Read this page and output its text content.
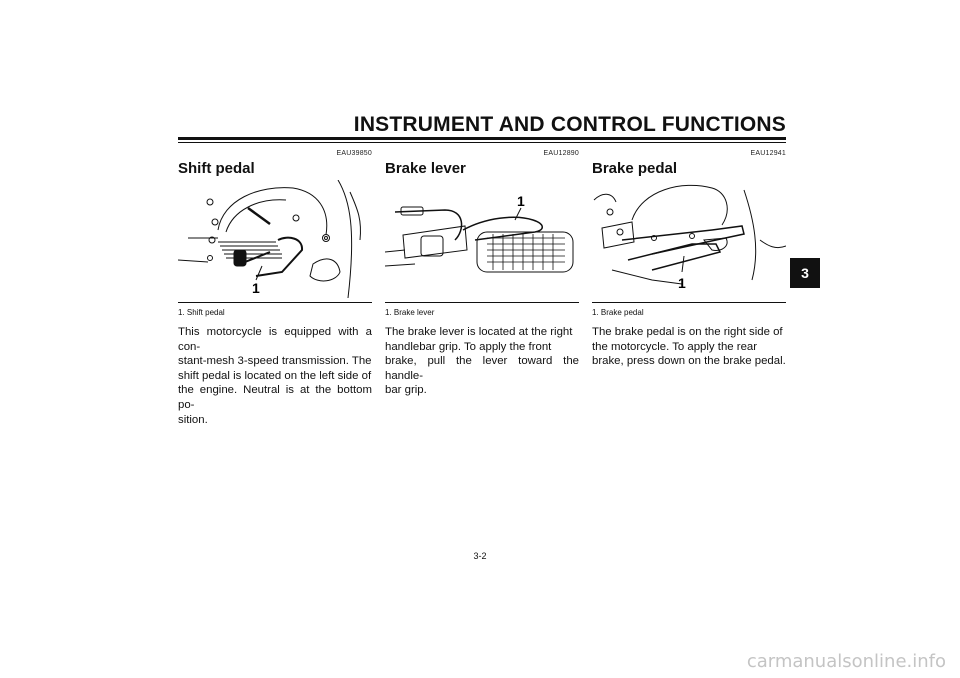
INSTRUMENT AND CONTROL FUNCTIONS
3
EAU39850
Shift pedal
1
1. Shift pedal
This motorcycle is equipped with a con-
stant-mesh 3-speed transmission. The
shift pedal is located on the left side of
the engine. Neutral is at the bottom po-
sition.
EAU12890
Brake lever
1
1. Brake lever
The brake lever is located at the right
handlebar grip. To apply the front
brake, pull the lever toward the handle-
bar grip.
EAU12941
Brake pedal
1
1. Brake pedal
The brake pedal is on the right side of
the motorcycle. To apply the rear
brake, press down on the brake pedal.
3-2
carmanualsonline.info
